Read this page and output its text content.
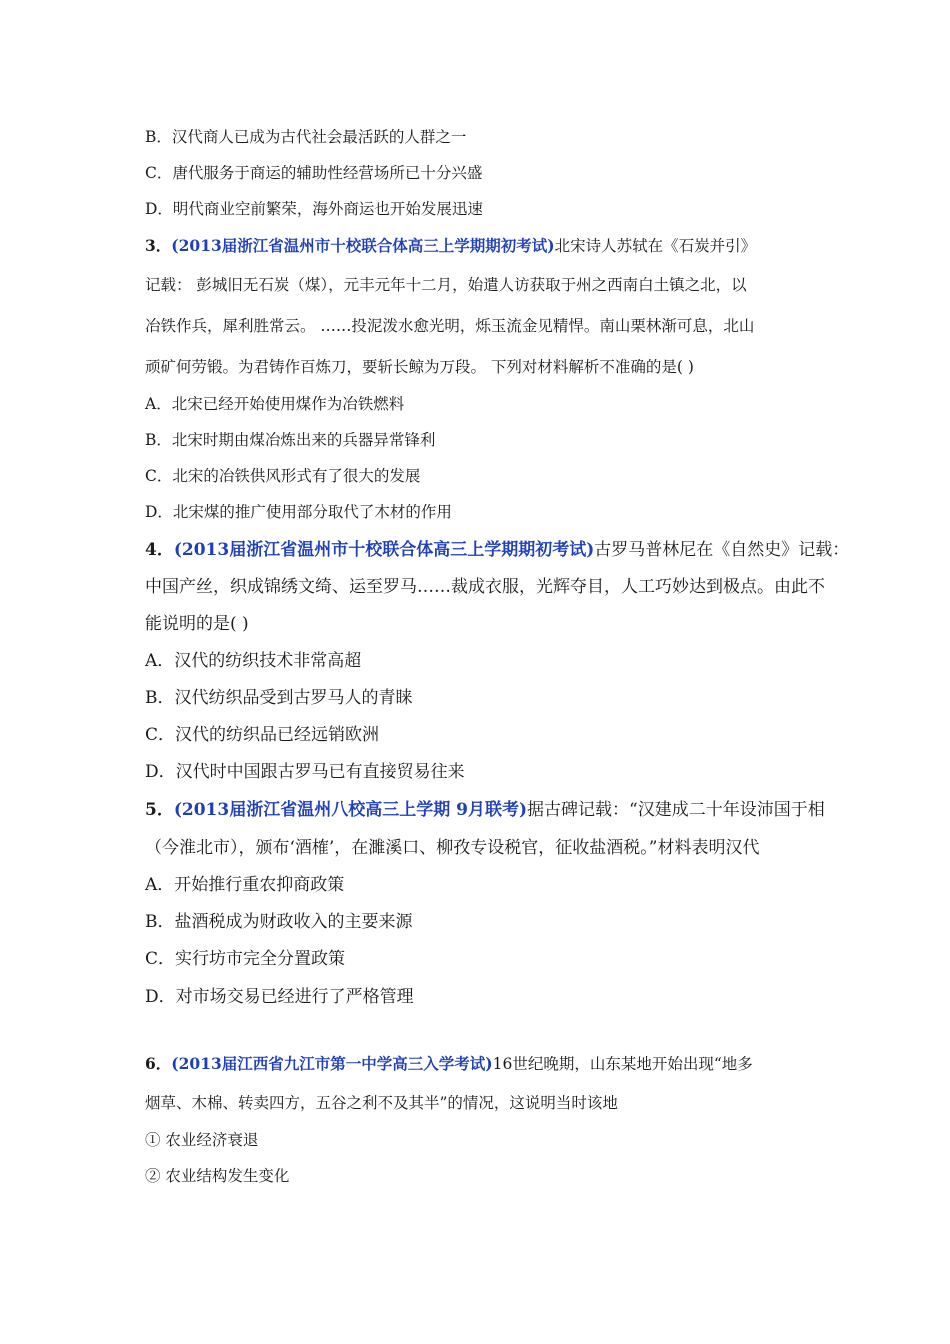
B．汉代商人已成为古代社会最活跃的人群之一
C．唐代服务于商运的辅助性经营场所已十分兴盛
D．明代商业空前繁荣，海外商运也开始发展迅速
3．(2013届浙江省温州市十校联合体高三上学期期初考试)北宋诗人苏轼在《石炭并引》
记载： 彭城旧无石炭（煤），元丰元年十二月，始遣人访获取于州之西南白土镇之北，以
冶铁作兵，犀利胜常云。 ……投泥泼水愈光明，烁玉流金见精悍。南山栗林渐可息，北山
顽矿何劳锻。为君铸作百炼刀，要斩长鲸为万段。 下列对材料解析不准确的是( )
A．北宋已经开始使用煤作为冶铁燃料
B．北宋时期由煤冶炼出来的兵器异常锋利
C．北宋的冶铁供风形式有了很大的发展
D．北宋煤的推广使用部分取代了木材的作用
4．(2013届浙江省温州市十校联合体高三上学期期初考试)古罗马普林尼在《自然史》记载：
中国产丝，织成锦绣文绮、运至罗马……裁成衣服，光辉夺目，人工巧妙达到极点。由此不
能说明的是( )
A．汉代的纺织技术非常高超
B．汉代纺织品受到古罗马人的青睐
C．汉代的纺织品已经远销欧洲
D．汉代时中国跟古罗马已有直接贸易往来
5．(2013届浙江省温州八校高三上学期 9月联考)据古碑记载：“汉建成二十年设沛国于相
（今淮北市），颁布‘酒榷’，在濉溪口、柳孜专设税官，征收盐酒税。”材料表明汉代
A．开始推行重农抑商政策
B．盐酒税成为财政收入的主要来源
C．实行坊市完全分置政策
D．对市场交易已经进行了严格管理
6．(2013届江西省九江市第一中学高三入学考试)16世纪晚期，山东某地开始出现“地多
烟草、木棉、转卖四方，五谷之利不及其半”的情况，这说明当时该地
① 农业经济衰退
② 农业结构发生变化
